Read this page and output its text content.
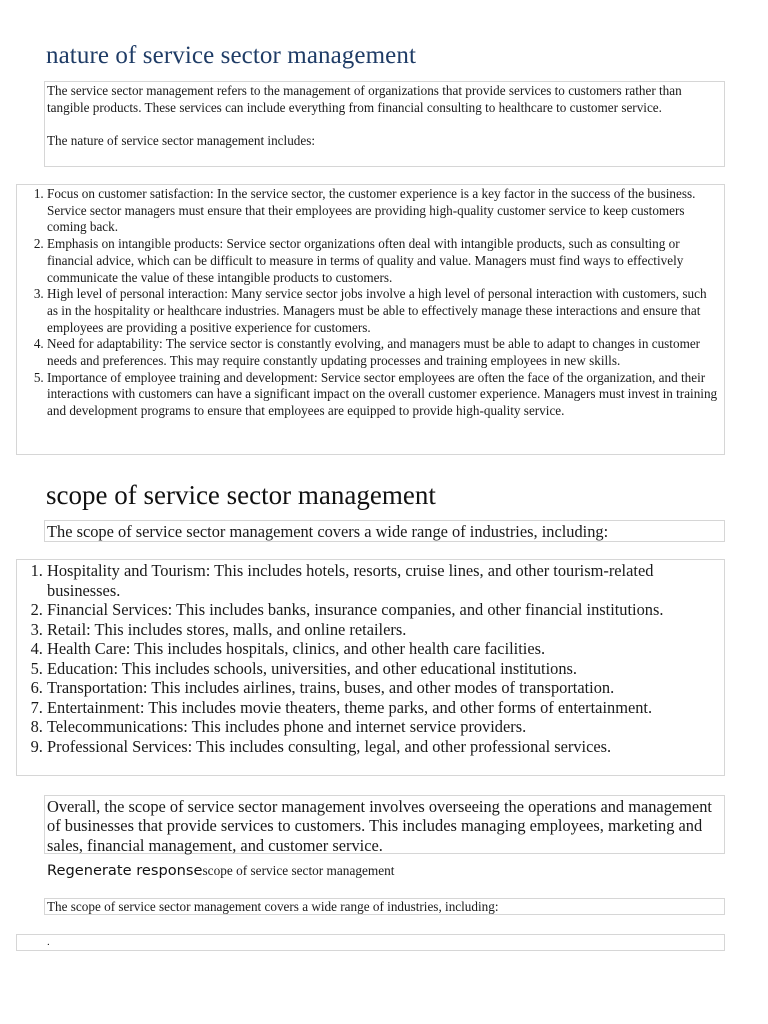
nature of service sector management

The service sector management refers to the management of organizations that provide services to customers rather than tangible products. These services can include everything from financial consulting to healthcare to customer service.

The nature of service sector management includes:

1. Focus on customer satisfaction: In the service sector, the customer experience is a key factor in the success of the business. Service sector managers must ensure that their employees are providing high-quality customer service to keep customers coming back.
2. Emphasis on intangible products: Service sector organizations often deal with intangible products, such as consulting or financial advice, which can be difficult to measure in terms of quality and value. Managers must find ways to effectively communicate the value of these intangible products to customers.
3. High level of personal interaction: Many service sector jobs involve a high level of personal interaction with customers, such as in the hospitality or healthcare industries. Managers must be able to effectively manage these interactions and ensure that employees are providing a positive experience for customers.
4. Need for adaptability: The service sector is constantly evolving, and managers must be able to adapt to changes in customer needs and preferences. This may require constantly updating processes and training employees in new skills.
5. Importance of employee training and development: Service sector employees are often the face of the organization, and their interactions with customers can have a significant impact on the overall customer experience. Managers must invest in training and development programs to ensure that employees are equipped to provide high-quality service.
scope of service sector management
The scope of service sector management covers a wide range of industries, including:
1. Hospitality and Tourism: This includes hotels, resorts, cruise lines, and other tourism-related businesses.
2. Financial Services: This includes banks, insurance companies, and other financial institutions.
3. Retail: This includes stores, malls, and online retailers.
4. Health Care: This includes hospitals, clinics, and other health care facilities.
5. Education: This includes schools, universities, and other educational institutions.
6. Transportation: This includes airlines, trains, buses, and other modes of transportation.
7. Entertainment: This includes movie theaters, theme parks, and other forms of entertainment.
8. Telecommunications: This includes phone and internet service providers.
9. Professional Services: This includes consulting, legal, and other professional services.
Overall, the scope of service sector management involves overseeing the operations and management of businesses that provide services to customers. This includes managing employees, marketing and sales, financial management, and customer service.
Regenerate responsescope of service sector management
The scope of service sector management covers a wide range of industries, including:
.
